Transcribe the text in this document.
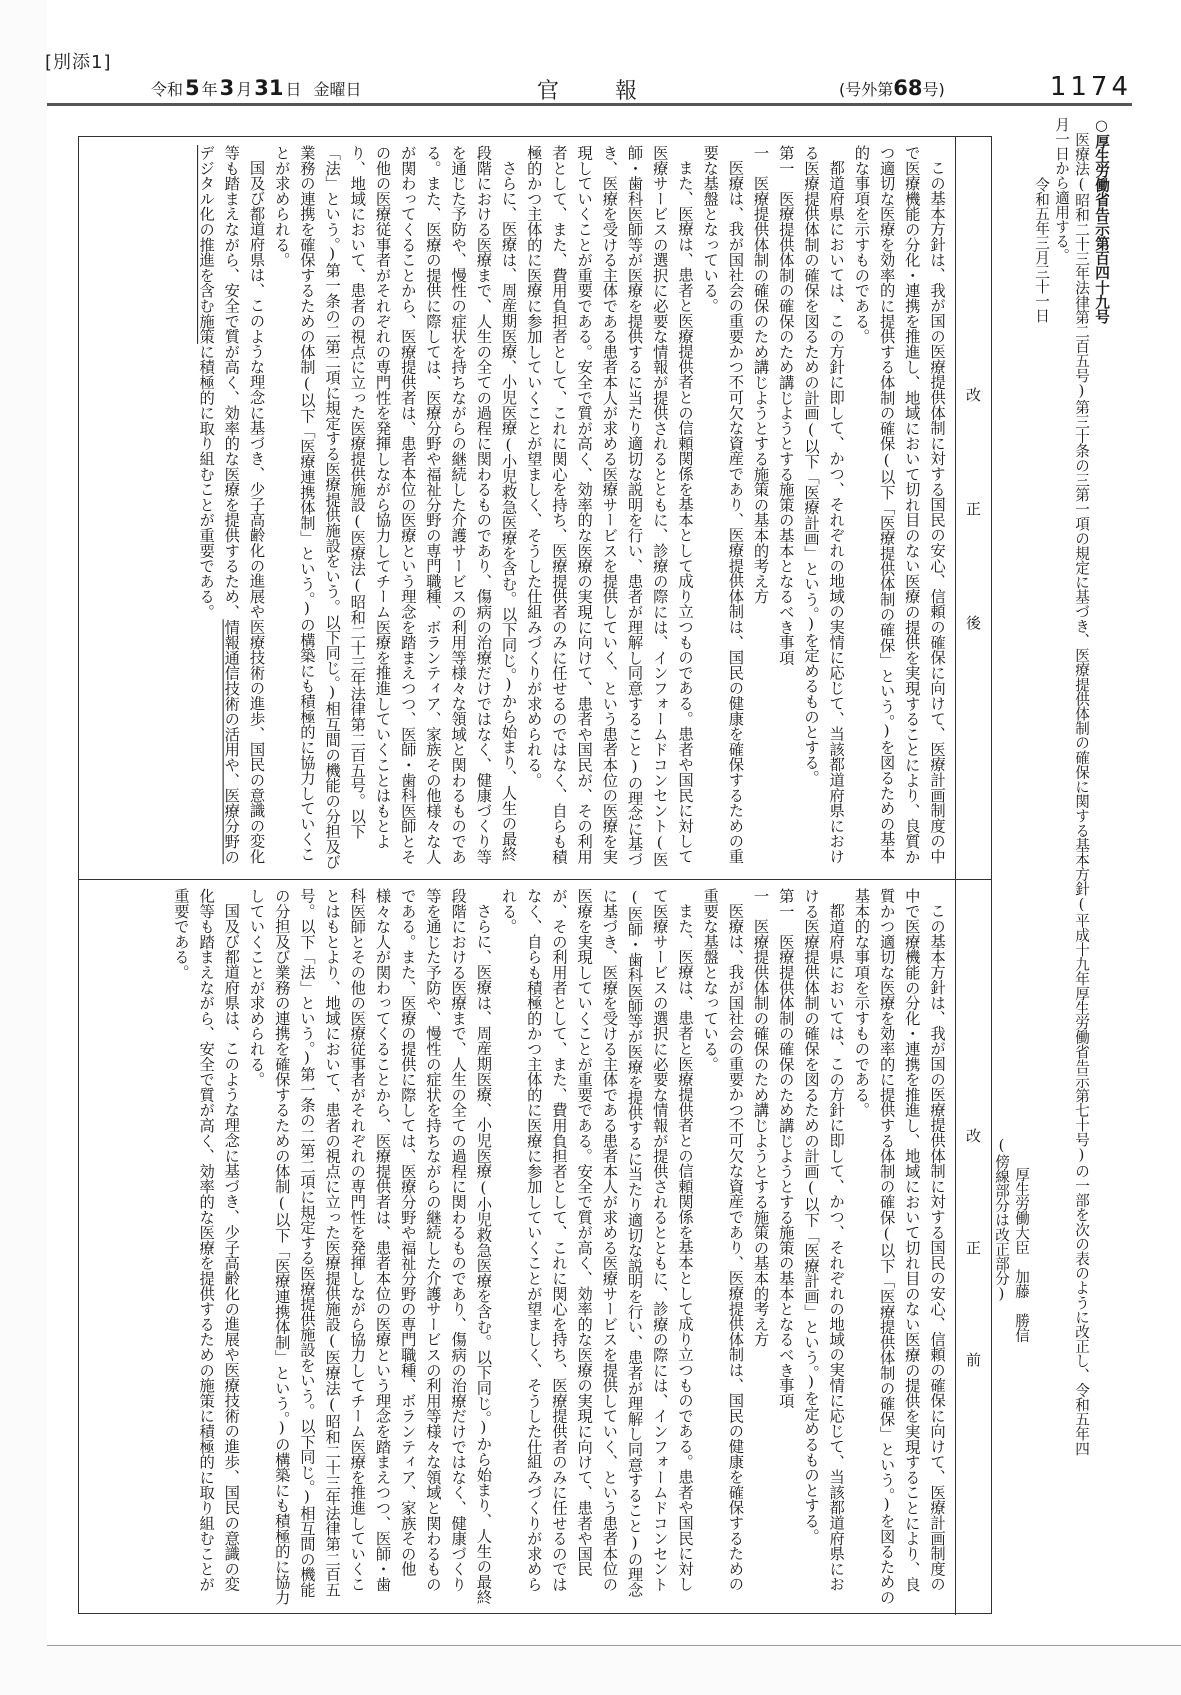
[別添1]
令和5 年3 月31 日 金曜日	官報	(号外第68号)	1174

○厚生労働省告示第百四十九号

医療法(昭和二十三年法律第二百五号)第三十条の三第一項の規定に基づき、医療提供体制の確保に関する基本方針(平成十九年厚生労働省告示第七十号)の一部を次の表のように改正し、令和五年四

月一日から適用する。

令和五年三月三十一日

厚生労働大臣　加藤　勝信

(傍線部分は改正部分)

改
正
後

この基本方針は、我が国の医療提供体制に対する国民の安心、信頼の確保に向けて、医療計画制度の中で医療機能の分化・連携を推進し、地域において切れ目のない医療の提供を実現することにより、良質かつ適切な医療を効率的に提供する体制の確保(以下「医療提供体制の確保」という。)を図るための基本的な事項を示すものである。

都道府県においては、この方針に即して、かつ、それぞれの地域の実情に応じて、当該都道府県における医療提供体制の確保を図るための計画(以下「医療計画」という。)を定めるものとする。

第一　医療提供体制の確保のため講じようとする施策の基本となるべき事項

一　医療提供体制の確保のため講じようとする施策の基本的考え方

医療は、我が国社会の重要かつ不可欠な資産であり、医療提供体制は、国民の健康を確保するための重要な基盤となっている。

また、医療は、患者と医療提供者との信頼関係を基本として成り立つものである。患者や国民に対して医療サービスの選択に必要な情報が提供されるとともに、診療の際には、インフォームドコンセント(医師・歯科医師等が医療を提供するに当たり適切な説明を行い、患者が理解し同意すること)の理念に基づき、医療を受ける主体である患者本人が求める医療サービスを提供していく、という患者本位の医療を実現していくことが重要である。安全で質が高く、効率的な医療の実現に向けて、患者や国民が、その利用者として、また、費用負担者として、これに関心を持ち、医療提供者のみに任せるのではなく、自らも積極的かつ主体的に医療に参加していくことが望ましく、そうした仕組みづくりが求められる。

さらに、医療は、周産期医療、小児医療(小児救急医療を含む。以下同じ。)から始まり、人生の最終段階における医療まで、人生の全ての過程に関わるものであり、傷病の治療だけではなく、健康づくり等を通じた予防や、慢性の症状を持ちながらの継続した介護サービスの利用等様々な領域と関わるものである。また、医療の提供に際しては、医療分野や福祉分野の専門職種、ボランティア、家族その他様々な人が関わってくることから、医療提供者は、患者本位の医療という理念を踏まえつつ、医師・歯科医師とその他の医療従事者がそれぞれの専門性を発揮しながら協力してチーム医療を推進していくことはもとより、地域において、患者の視点に立った医療提供施設(医療法(昭和二十三年法律第二百五号。以下「法」という。)第一条の二第二項に規定する医療提供施設をいう。以下同じ。)相互間の機能の分担及び業務の連携を確保するための体制(以下「医療連携体制」という。)の構築にも積極的に協力していくことが求められる。

国及び都道府県は、このような理念に基づき、少子高齢化の進展や医療技術の進歩、国民の意識の変化等も踏まえながら、安全で質が高く、効率的な医療を提供するため、情報通信技術の活用や、医療分野のデジタル化の推進を含む施策に積極的に取り組むことが重要である。

改
正
前

この基本方針は、我が国の医療提供体制に対する国民の安心、信頼の確保に向けて、医療計画制度の中で医療機能の分化・連携を推進し、地域において切れ目のない医療の提供を実現することにより、良質かつ適切な医療を効率的に提供する体制の確保(以下「医療提供体制の確保」という。)を図るための基本的な事項を示すものである。

都道府県においては、この方針に即して、かつ、それぞれの地域の実情に応じて、当該都道府県における医療提供体制の確保を図るための計画(以下「医療計画」という。)を定めるものとする。

第一　医療提供体制の確保のため講じようとする施策の基本となるべき事項

一　医療提供体制の確保のため講じようとする施策の基本的考え方

医療は、我が国社会の重要かつ不可欠な資産であり、医療提供体制は、国民の健康を確保するための重要な基盤となっている。

また、医療は、患者と医療提供者との信頼関係を基本として成り立つものである。患者や国民に対して医療サービスの選択に必要な情報が提供されるとともに、診療の際には、インフォームドコンセント(医師・歯科医師等が医療を提供するに当たり適切な説明を行い、患者が理解し同意すること)の理念に基づき、医療を受ける主体である患者本人が求める医療サービスを提供していく、という患者本位の医療を実現していくことが重要である。安全で質が高く、効率的な医療の実現に向けて、患者や国民が、その利用者として、また、費用負担者として、これに関心を持ち、医療提供者のみに任せるのではなく、自らも積極的かつ主体的に医療に参加していくことが望ましく、そうした仕組みづくりが求められる。

さらに、医療は、周産期医療、小児医療(小児救急医療を含む。以下同じ。)から始まり、人生の最終段階における医療まで、人生の全ての過程に関わるものであり、傷病の治療だけではなく、健康づくり等を通じた予防や、慢性の症状を持ちながらの継続した介護サービスの利用等様々な領域と関わるものである。また、医療の提供に際しては、医療分野や福祉分野の専門職種、ボランティア、家族その他様々な人が関わってくることから、医療提供者は、患者本位の医療という理念を踏まえつつ、医師・歯科医師とその他の医療従事者がそれぞれの専門性を発揮しながら協力してチーム医療を推進していくことはもとより、地域において、患者の視点に立った医療提供施設(医療法(昭和二十三年法律第二百五号。以下「法」という。)第一条の二第二項に規定する医療提供施設をいう。以下同じ。)相互間の機能の分担及び業務の連携を確保するための体制(以下「医療連携体制」という。)の構築にも積極的に協力していくことが求められる。

国及び都道府県は、このような理念に基づき、少子高齢化の進展や医療技術の進歩、国民の意識の変化等も踏まえながら、安全で質が高く、効率的な医療を提供するための施策に積極的に取り組むことが重要である。
